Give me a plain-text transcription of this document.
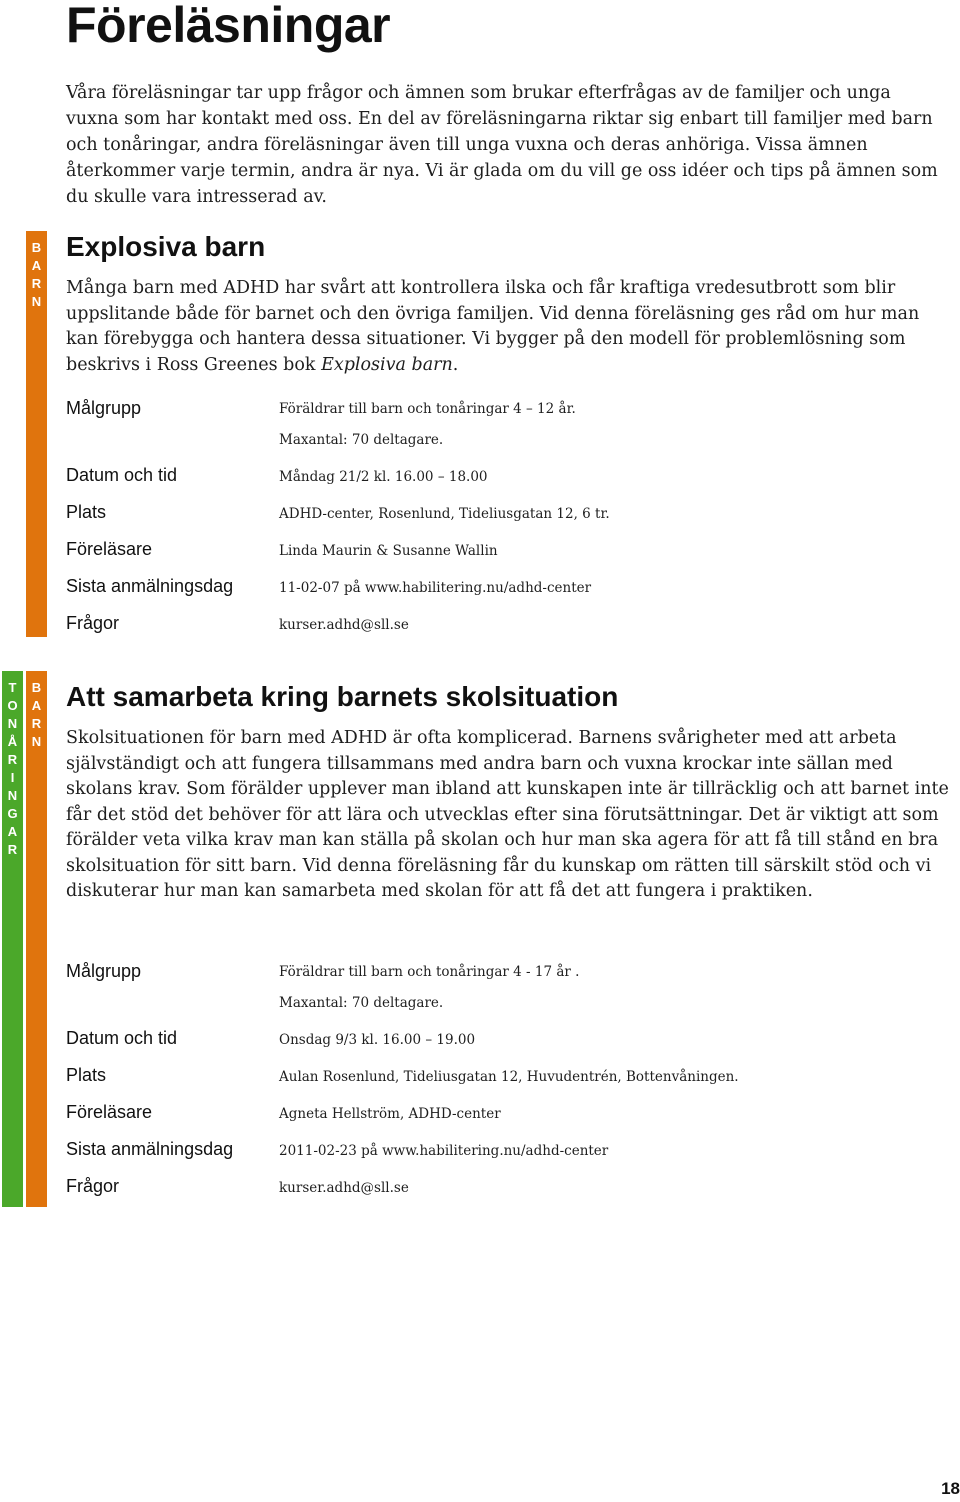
Föreläsningar

Våra föreläsningar tar upp frågor och ämnen som brukar efterfrågas av de familjer och unga vuxna som har kontakt med oss. En del av föreläsningarna riktar sig enbart till familjer med barn och tonåringar, andra föreläsningar även till unga vuxna och deras anhöriga. Vissa ämnen återkommer varje termin, andra är nya. Vi är glada om du vill ge oss idéer och tips på ämnen som du skulle vara intresserad av.

BARN Explosiva barn

Många barn med ADHD har svårt att kontrollera ilska och får kraftiga vredesutbrott som blir uppslitande både för barnet och den övriga familjen. Vid denna föreläsning ges råd om hur man kan förebygga och hantera dessa situationer. Vi bygger på den modell för problemlösning som beskrivs i Ross Greenes bok Explosiva barn.

Målgrupp	Föräldrar till barn och tonåringar 4 – 12 år.
Maxantal: 70 deltagare.
Datum och tid	Måndag 21/2 kl. 16.00 – 18.00
Plats	ADHD-center, Rosenlund, Tideliusgatan 12, 6 tr.
Föreläsare	Linda Maurin & Susanne Wallin
Sista anmälningsdag	11-02-07 på www.habilitering.nu/adhd-center
Frågor	kurser.adhd@sll.se
TONÅRINGAR BARN Att samarbeta kring barnets skolsituation

Skolsituationen för barn med ADHD är ofta komplicerad. Barnens svårigheter med att arbeta självständigt och att fungera tillsammans med andra barn och vuxna krockar inte sällan med skolans krav. Som förälder upplever man ibland att kunskapen inte är tillräcklig och att barnet inte får det stöd det behöver för att lära och utvecklas efter sina förutsättningar. Det är viktigt att som förälder veta vilka krav man kan ställa på skolan och hur man ska agera för att få till stånd en bra skolsituation för sitt barn. Vid denna föreläsning får du kunskap om rätten till särskilt stöd och vi diskuterar hur man kan samarbeta med skolan för att få det att fungera i praktiken.

Målgrupp	Föräldrar till barn och tonåringar 4 - 17 år .
Maxantal: 70 deltagare.
Datum och tid	Onsdag 9/3 kl. 16.00 – 19.00
Plats	Aulan Rosenlund, Tideliusgatan 12, Huvudentrén, Bottenvåningen.
Föreläsare	Agneta Hellström, ADHD-center
Sista anmälningsdag	2011-02-23 på www.habilitering.nu/adhd-center
Frågor	kurser.adhd@sll.se
18
